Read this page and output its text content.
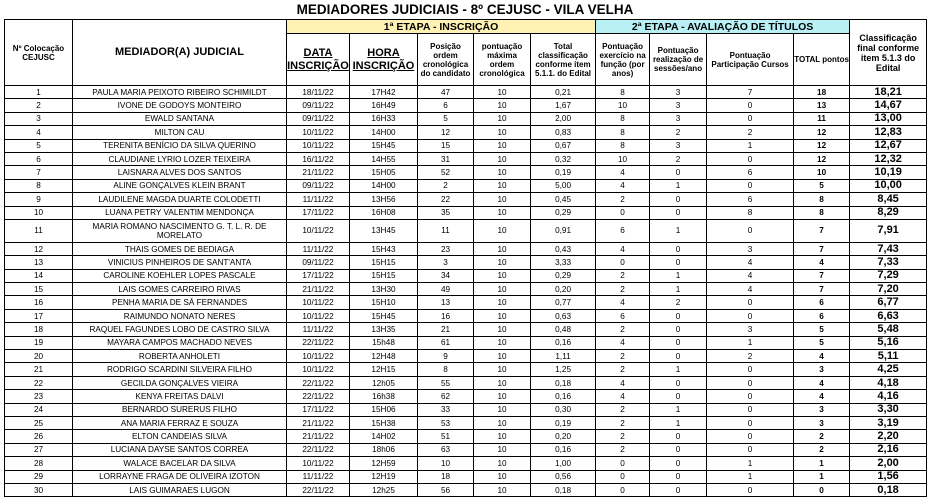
MEDIADORES JUDICIAIS - 8º CEJUSC - VILA VELHA
Nº Colocação CEJUSC	MEDIADOR(A) JUDICIAL	1ª ETAPA - INSCRIÇÃO					2ª ETAPA - AVALIAÇÃO DE TÍTULOS				Classificação final conforme item 5.1.3 do Edital
		DATA INSCRIÇÃO	HORA INSCRIÇÃO	Posição ordem cronológica do candidato	pontuação máxima ordem cronológica	Total classificação conforme item 5.1.1. do Edital	Pontuação exercício na função (por anos)	Pontuação realização de sessões/ano	Pontuação Participação Cursos	TOTAL pontos	
1	PAULA MARIA PEIXOTO RIBEIRO SCHIMILDT	18/11/22	17H42	47	10	0,21	8	3	7	18	18,21
2	IVONE DE GODOYS MONTEIRO	09/11/22	16H49	6	10	1,67	10	3	0	13	14,67
3	EWALD SANTANA	09/11/22	16H33	5	10	2,00	8	3	0	11	13,00
4	MILTON CAU	10/11/22	14H00	12	10	0,83	8	2	2	12	12,83
5	TERENITA BENÍCIO DA SILVA QUERINO	10/11/22	15H45	15	10	0,67	8	3	1	12	12,67
6	CLAUDIANE LYRIO LOZER TEIXEIRA	16/11/22	14H55	31	10	0,32	10	2	0	12	12,32
7	LAISNARA ALVES DOS SANTOS	21/11/22	15H05	52	10	0,19	4	0	6	10	10,19
8	ALINE GONÇALVES KLEIN BRANT	09/11/22	14H00	2	10	5,00	4	1	0	5	10,00
9	LAUDILENE MAGDA DUARTE COLODETTI	11/11/22	13H56	22	10	0,45	2	0	6	8	8,45
10	LUANA PETRY VALENTIM MENDONÇA	17/11/22	16H08	35	10	0,29	0	0	8	8	8,29
11	MARIA ROMANO NASCIMENTO G. T. L. R. DE MORELATO	10/11/22	13H45	11	10	0,91	6	1	0	7	7,91
12	THAIS GOMES DE BEDIAGA	11/11/22	15H43	23	10	0,43	4	0	3	7	7,43
13	VINICIUS PINHEIROS DE SANT'ANTA	09/11/22	15H15	3	10	3,33	0	0	4	4	7,33
14	CAROLINE KOEHLER LOPES PASCALE	17/11/22	15H15	34	10	0,29	2	1	4	7	7,29
15	LAIS GOMES CARREIRO RIVAS	21/11/22	13H30	49	10	0,20	2	1	4	7	7,20
16	PENHA MARIA DE SÁ FERNANDES	10/11/22	15H10	13	10	0,77	4	2	0	6	6,77
17	RAIMUNDO NONATO NERES	10/11/22	15H45	16	10	0,63	6	0	0	6	6,63
18	RAQUEL FAGUNDES LOBO DE CASTRO SILVA	11/11/22	13H35	21	10	0,48	2	0	3	5	5,48
19	MAYARA CAMPOS MACHADO NEVES	22/11/22	15h48	61	10	0,16	4	0	1	5	5,16
20	ROBERTA ANHOLETI	10/11/22	12H48	9	10	1,11	2	0	2	4	5,11
21	RODRIGO SCARDINI SILVEIRA FILHO	10/11/22	12H15	8	10	1,25	2	1	0	3	4,25
22	GECILDA GONÇALVES VIEIRA	22/11/22	12h05	55	10	0,18	4	0	0	4	4,18
23	KENYA FREITAS DALVI	22/11/22	16h38	62	10	0,16	4	0	0	4	4,16
24	BERNARDO SURERUS FILHO	17/11/22	15H06	33	10	0,30	2	1	0	3	3,30
25	ANA MARIA FERRAZ E SOUZA	21/11/22	15H38	53	10	0,19	2	1	0	3	3,19
26	ELTON CANDEIAS SILVA	21/11/22	14H02	51	10	0,20	2	0	0	2	2,20
27	LUCIANA DAYSE SANTOS CORREA	22/11/22	18h06	63	10	0,16	2	0	0	2	2,16
28	WALACE BACELAR DA SILVA	10/11/22	12H59	10	10	1,00	0	0	1	1	2,00
29	LORRAYNE FRAGA DE OLIVEIRA IZOTON	11/11/22	12H19	18	10	0,56	0	0	1	1	1,56
30	LAIS GUIMARAES LUGON	22/11/22	12h25	56	10	0,18	0	0	0	0	0,18
